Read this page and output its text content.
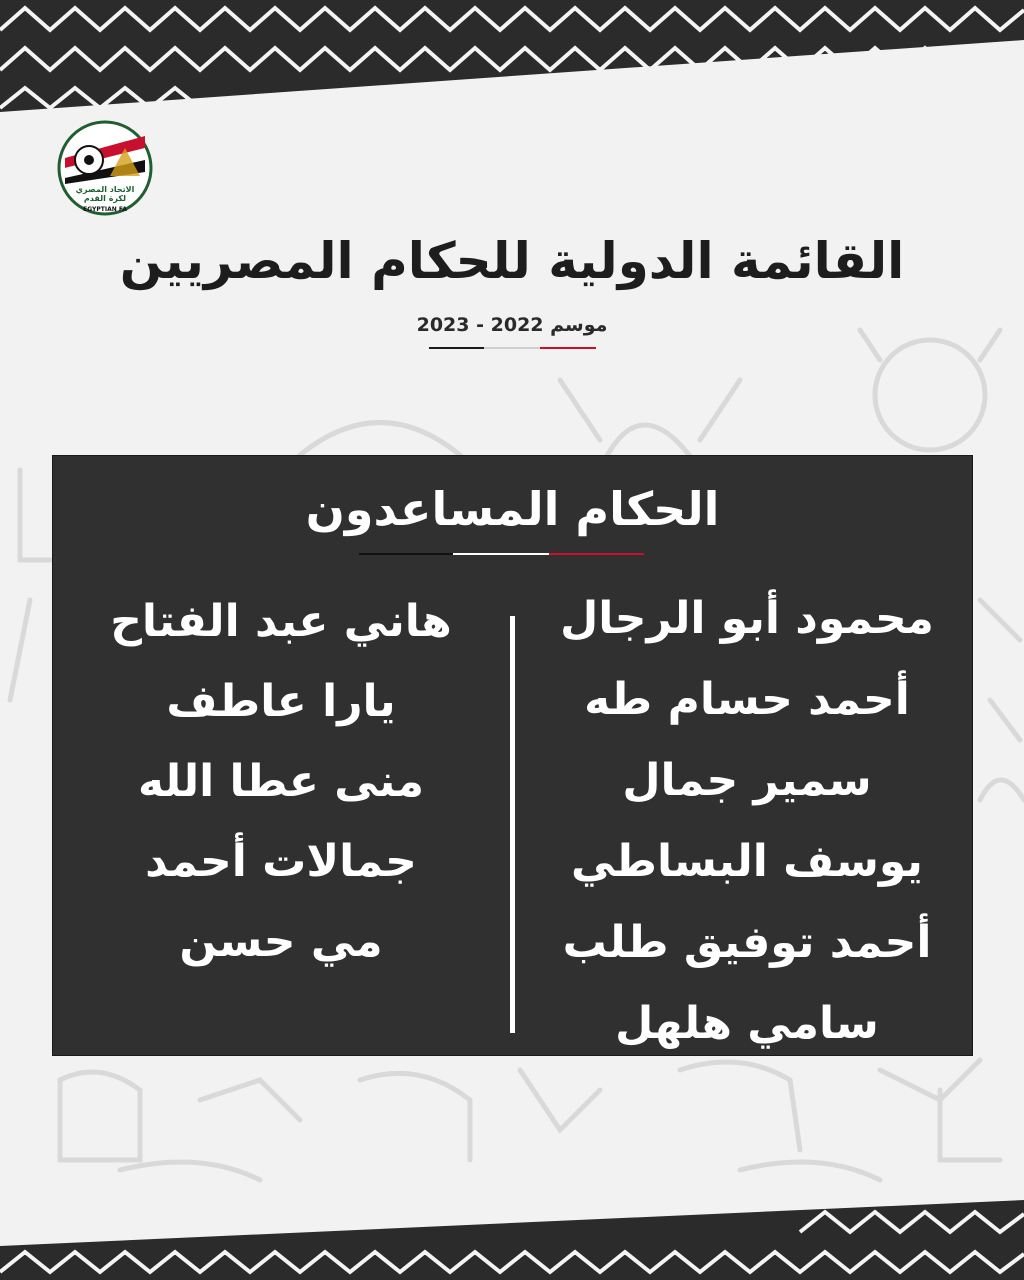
الاتحاد المصري
لكرة القدم
EGYPTIAN FA
القائمة الدولية للحكام المصريين
موسم 2022 - 2023
الحكام المساعدون
محمود أبو الرجال
أحمد حسام طه
سمير جمال
يوسف البساطي
أحمد توفيق طلب
سامي هلهل
هاني عبد الفتاح
يارا عاطف
منى عطا الله
جمالات أحمد
مي حسن
